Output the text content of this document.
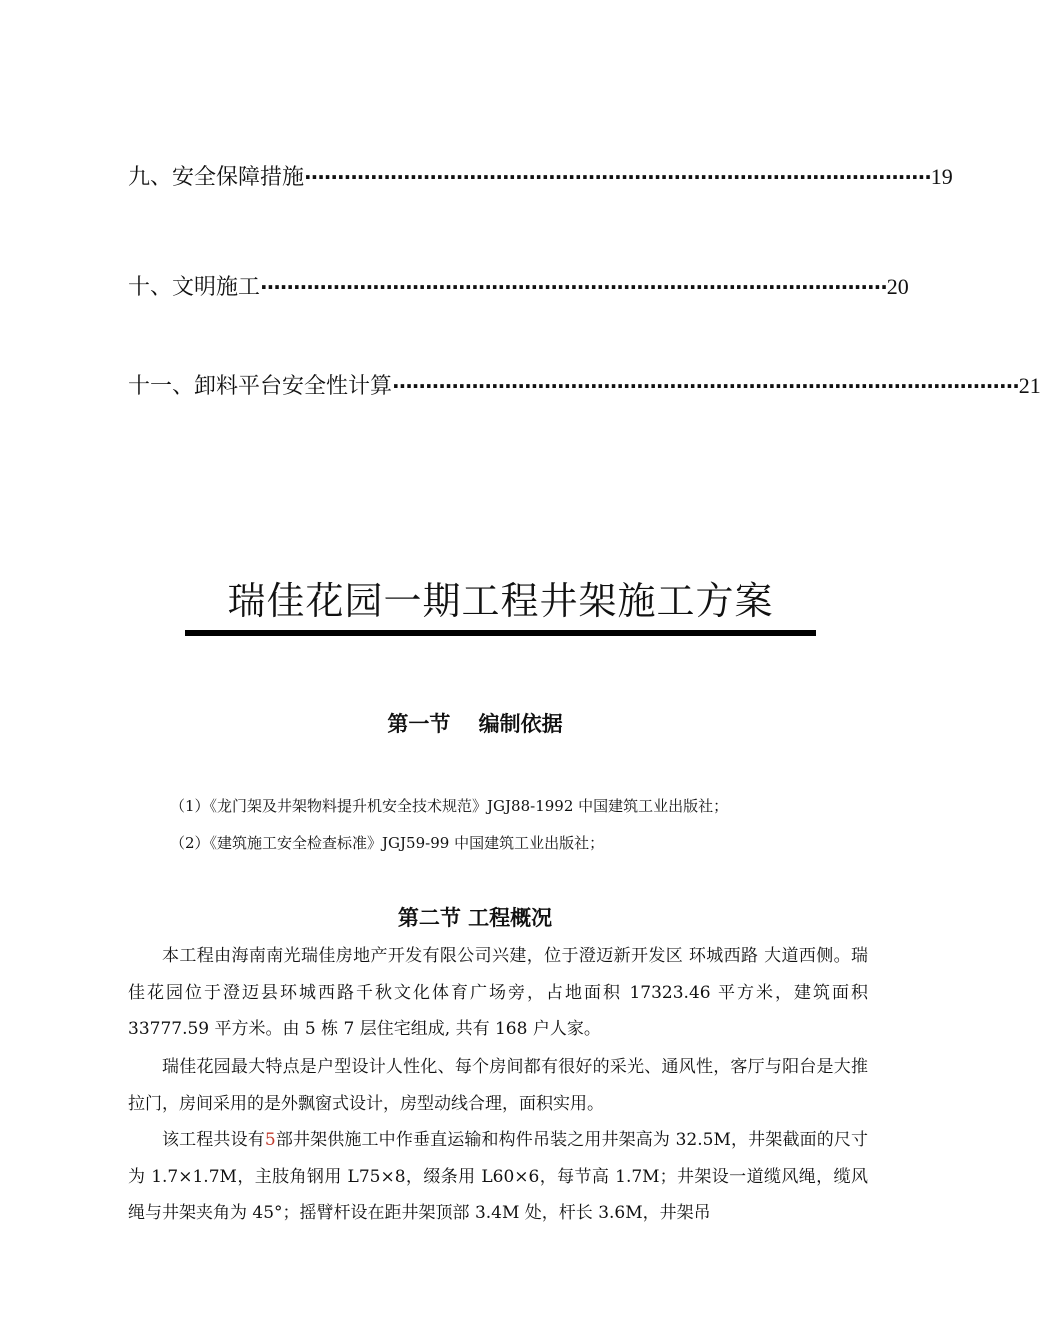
九、安全保障措施 ······························································································· 19
十、文明施工 ······························································································· 20
十一、卸料平台安全性计算 ······························································································· 21
瑞佳花园一期工程井架施工方案
第一节　 编制依据
（1）《龙门架及井架物料提升机安全技术规范》JGJ88-1992 中国建筑工业出版社；
（2）《建筑施工安全检查标准》JGJ59-99 中国建筑工业出版社；
第二节 工程概况

本工程由海南南光瑞佳房地产开发有限公司兴建，位于澄迈新开发区 环城西路 大道西侧。瑞佳花园位于澄迈县环城西路千秋文化体育广场旁，占地面积 17323.46 平方米，建筑面积 33777.59 平方米。由 5 栋 7 层住宅组成, 共有 168 户人家。

瑞佳花园最大特点是户型设计人性化、每个房间都有很好的采光、通风性，客厅与阳台是大推拉门，房间采用的是外飘窗式设计，房型动线合理，面积实用。

该工程共设有5部井架供施工中作垂直运输和构件吊装之用井架高为 32.5M，井架截面的尺寸为 1.7×1.7M，主肢角钢用 L75×8，缀条用 L60×6，每节高 1.7M；井架设一道缆风绳，缆风绳与井架夹角为 45°；摇臂杆设在距井架顶部 3.4M 处，杆长 3.6M，井架吊
